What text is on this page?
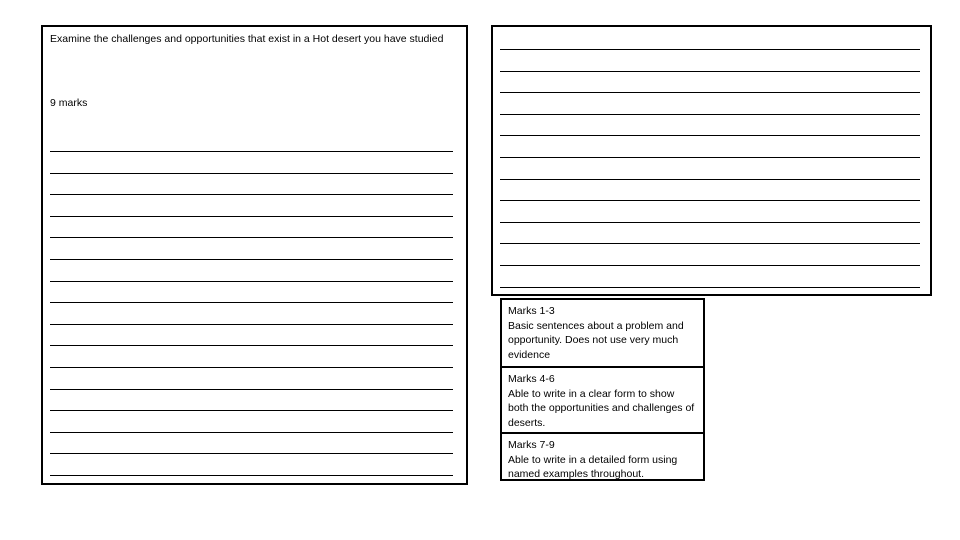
Examine the challenges and opportunities that exist in a Hot desert you have studied
9 marks
Marks 1-3
Basic sentences about a problem and opportunity. Does not use very much evidence
Marks 4-6
Able to write in a clear form to show both the opportunities and challenges of deserts.
Marks 7-9
Able to write in a detailed form using named examples throughout.
